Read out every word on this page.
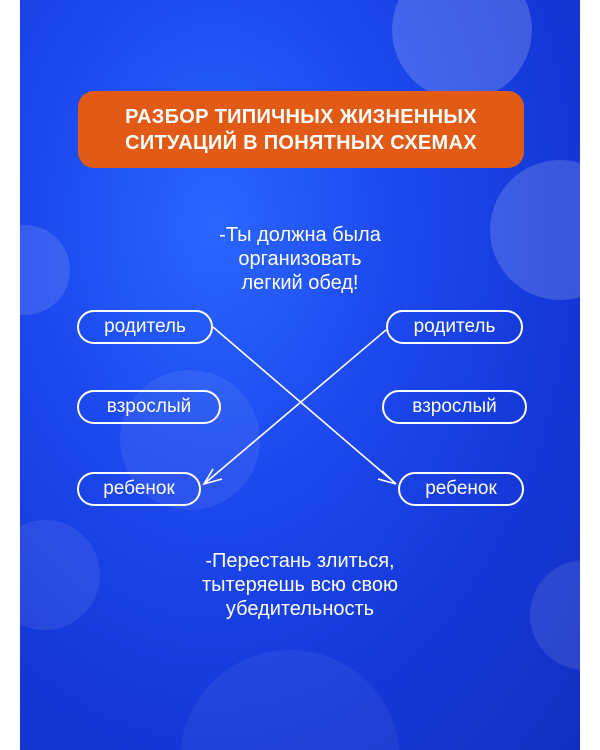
РАЗБОР ТИПИЧНЫХ ЖИЗНЕННЫХ
СИТУАЦИЙ В ПОНЯТНЫХ СХЕМАХ
-Ты должна была
организовать
легкий обед!
родитель
взрослый
ребенок
родитель
взрослый
ребенок
-Перестань злиться,
тытеряешь всю свою
убедительность
